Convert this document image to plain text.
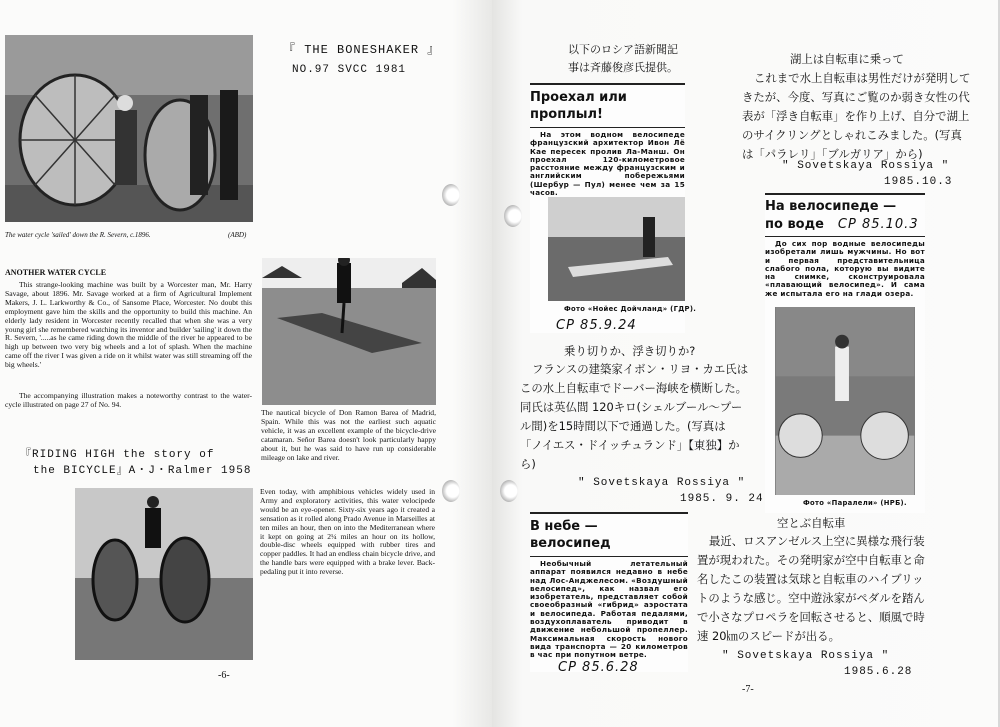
The water cycle 'sailed' down the R. Severn, c.1896.	(ABD)
『 THE BONESHAKER 』
NO.97 SVCC 1981
ANOTHER WATER CYCLE
This strange-looking machine was built by a Worcester man, Mr. Harry Savage, about 1896. Mr. Savage worked at a firm of Agricultural Implement Makers, J. L. Larkworthy & Co., of Sansome Place, Worcester. No doubt this employment gave him the skills and the opportunity to build this machine. An elderly lady resident in Worcester recently recalled that when she was a very young girl she remembered watching its inventor and builder 'sailing' it down the R. Severn, '.....as he came riding down the middle of the river he appeared to be high up between two very big wheels and a lot of splash. When the machine came off the river I was given a ride on it whilst water was still streaming off the big wheels.'
The accompanying illustration makes a noteworthy contrast to the water-cycle illustrated on page 27 of No. 94.
The nautical bicycle of Don Ramon Barea of Madrid, Spain. While this was not the earliest such aquatic vehicle, it was an excellent example of the bicycle-drive catamaran. Señor Barea doesn't look particularly happy about it, but he was said to have run up considerable mileage on lake and river.
『RIDING HIGH the story of
the BICYCLE』A・J・Ralmer 1958
Even today, with amphibious vehicles widely used in Army and exploratory activities, this water velocipede would be an eye-opener. Sixty-six years ago it created a sensation as it rolled along Prado Avenue in Marseilles at ten miles an hour, then on into the Mediterranean where it kept on going at 2¼ miles an hour on its hollow, double-disc wheels equipped with rubber tires and copper paddles. It had an endless chain bicycle drive, and the handle bars were equipped with a brake lever. Back-pedaling put it into reverse.
-6-
以下のロシア語新聞記
事は斉藤俊彦氏提供。
Проехал или
проплыл!
На этом водном велосипеде французский архитектор Ивон Лё Кае пересек пролив Ла-Манш. Он проехал 120-километровое расстояние между французским и английским побережьями (Шербур — Пул) менее чем за 15 часов.
Фото «Нойес Дойчланд» (ГДР).
CP 85.9.24
乗り切りか、浮き切りか?
フランスの建築家イボン・リヨ・カエ氏は
この水上自転車でドーバー海峡を横断した。
同氏は英仏間 120キロ(シェルブール〜プー
ル間)を15時間以下で通過した。(写真は
「ノイエス・ドイッチュランド」【東独】か
ら)
" Sovetskaya Rossiya "
1985. 9. 24
В небе —
велосипед
Необычный летательный аппарат появился недавно в небе над Лос-Анджелесом. «Воздушный велосипед», как назвал его изобретатель, представляет собой своеобразный «гибрид» аэростата и велосипеда. Работая педалями, воздухоплаватель приводит в движение небольшой пропеллер. Максимальная скорость нового вида транспорта — 20 километров в час при попутном ветре.
CP 85.6.28
湖上は自転車に乗って
これまで水上自転車は男性だけが発明して
きたが、今度、写真にご覧のか弱き女性の代
表が「浮き自転車」を作り上げ、自分で湖上
のサイクリングとしゃれこみました。(写真
は「パラレリ」「ブルガリア」から)
" Sovetskaya Rossiya "
1985.10.3
На велосипеде —
по воде CP 85.10.3
До сих пор водные велосипеды изобретали лишь мужчины. Но вот и первая представительница слабого пола, которую вы видите на снимке, сконструировала «плавающий велосипед». И сама же испытала его на глади озера.
Фото «Паралели» (НРБ).
空とぶ自転車
最近、ロスアンゼルス上空に異様な飛行装
置が現われた。その発明家が空中自転車と命
名したこの装置は気球と自転車のハイブリッ
トのような感じ。空中遊泳家がペダルを踏ん
で小さなプロペラを回転させると、順風で時
速 20㎞のスピードが出る。
" Sovetskaya Rossiya "
1985.6.28
-7-
